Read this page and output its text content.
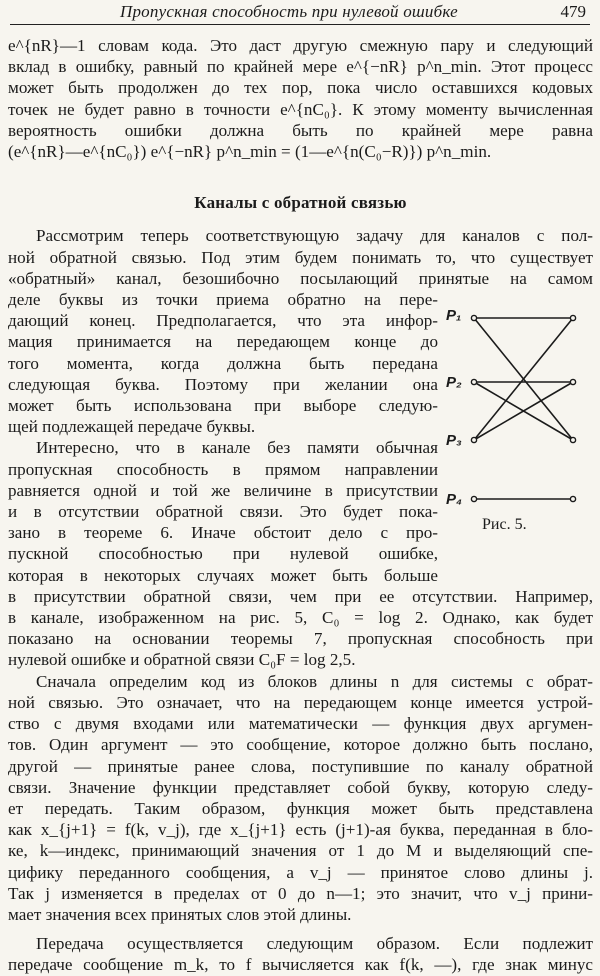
Пропускная способность при нулевой ошибке	479
e^{nR}—1 словам кода. Это даст другую смежную пару и следующий
вклад в ошибку, равный по крайней мере e^{−nR} p^n_min. Этот процесс
может быть продолжен до тех пор, пока число оставшихся кодовых
точек не будет равно в точности e^{nC₀}. К этому моменту вычисленная
вероятность ошибки должна быть по крайней мере равна
(e^{nR}—e^{nC₀}) e^{−nR} p^n_min = (1—e^{n(C₀−R)}) p^n_min.
Каналы с обратной связью
Рассмотрим теперь соответствующую задачу для каналов с пол-
ной обратной связью. Под этим будем понимать то, что существует
«обратный» канал, безошибочно посылающий принятые на самом
деле буквы из точки приема обратно на пере-
дающий конец. Предполагается, что эта инфор-
мация принимается на передающем конце до
того момента, когда должна быть передана
следующая буква. Поэтому при желании она
может быть использована при выборе следую-
щей подлежащей передаче буквы.
Интересно, что в канале без памяти обычная
пропускная способность в прямом направлении
равняется одной и той же величине в присутствии
и в отсутствии обратной связи. Это будет пока-
зано в теореме 6. Иначе обстоит дело с про-
пускной способностью при нулевой ошибке,
которая в некоторых случаях может быть больше
в присутствии обратной связи, чем при ее отсутствии. Например,
в канале, изображенном на рис. 5, C₀ = log 2. Однако, как будет
показано на основании теоремы 7, пропускная способность при
нулевой ошибке и обратной связи C₀F = log 2,5.
Сначала определим код из блоков длины n для системы с обрат-
ной связью. Это означает, что на передающем конце имеется устрой-
ство с двумя входами или математически — функция двух аргумен-
тов. Один аргумент — это сообщение, которое должно быть послано,
другой — принятые ранее слова, поступившие по каналу обратной
связи. Значение функции представляет собой букву, которую следу-
ет передать. Таким образом, функция может быть представлена
как x_{j+1} = f(k, v_j), где x_{j+1} есть (j+1)-ая буква, переданная в бло-
ке, k—индекс, принимающий значения от 1 до M и выделяющий спе-
цифику переданного сообщения, а v_j — принятое слово длины j.
Так j изменяется в пределах от 0 до n—1; это значит, что v_j прини-
мает значения всех принятых слов этой длины.
Передача осуществляется следующим образом. Если подлежит
передаче сообщение m_k, то f вычисляется как f(k, —), где знак минус
P₁
P₂
P₃
P₄
Рис. 5.
